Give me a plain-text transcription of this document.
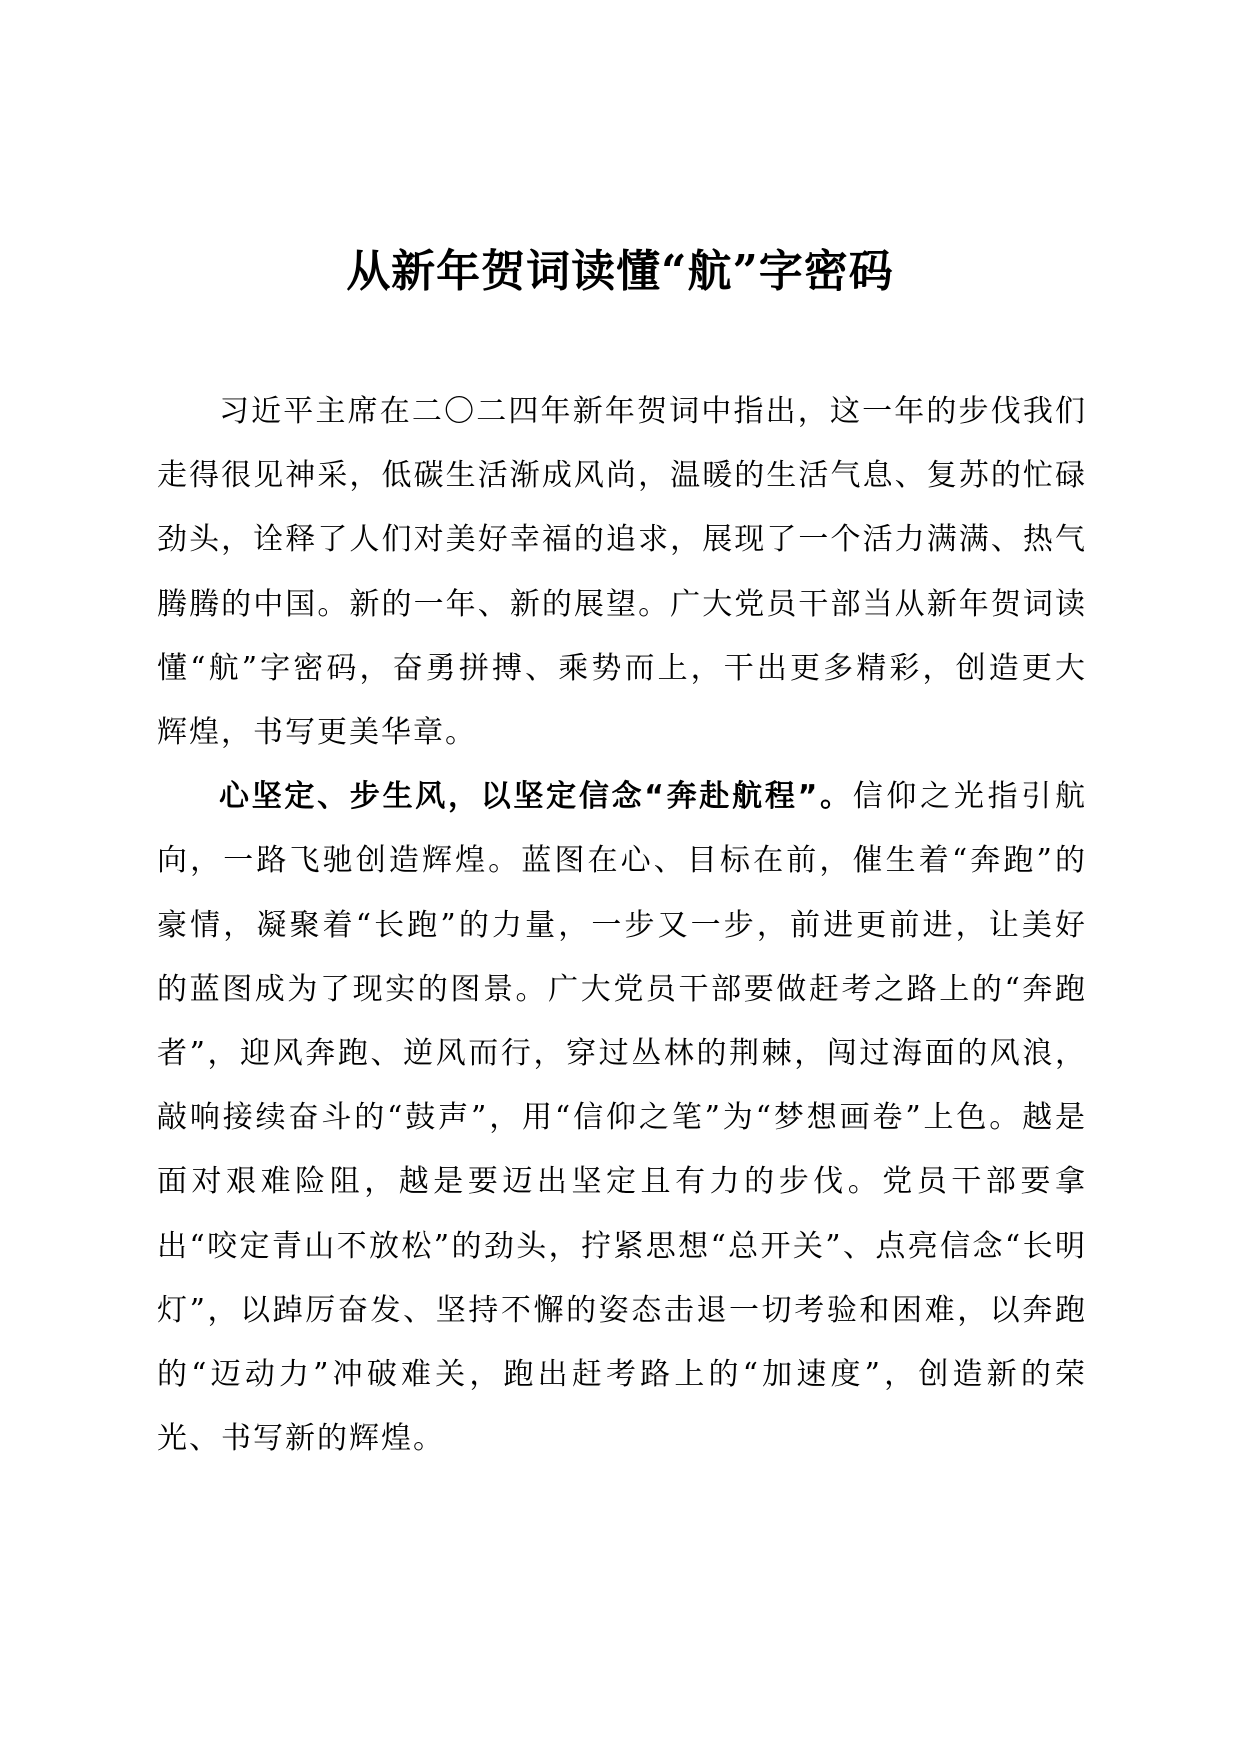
从新年贺词读懂“航”字密码

习近平主席在二〇二四年新年贺词中指出，这一年的步伐我们走得很见神采，低碳生活渐成风尚，温暖的生活气息、复苏的忙碌劲头，诠释了人们对美好幸福的追求，展现了一个活力满满、热气腾腾的中国。新的一年、新的展望。广大党员干部当从新年贺词读懂“航”字密码，奋勇拼搏、乘势而上，干出更多精彩，创造更大辉煌，书写更美华章。

心坚定、步生风，以坚定信念“奔赴航程”。信仰之光指引航向，一路飞驰创造辉煌。蓝图在心、目标在前，催生着“奔跑”的豪情，凝聚着“长跑”的力量，一步又一步，前进更前进，让美好的蓝图成为了现实的图景。广大党员干部要做赶考之路上的“奔跑者”，迎风奔跑、逆风而行，穿过丛林的荆棘，闯过海面的风浪，敲响接续奋斗的“鼓声”，用“信仰之笔”为“梦想画卷”上色。越是面对艰难险阻，越是要迈出坚定且有力的步伐。党员干部要拿出“咬定青山不放松”的劲头，拧紧思想“总开关”、点亮信念“长明灯”，以踔厉奋发、坚持不懈的姿态击退一切考验和困难，以奔跑的“迈动力”冲破难关，跑出赶考路上的“加速度”，创造新的荣光、书写新的辉煌。
